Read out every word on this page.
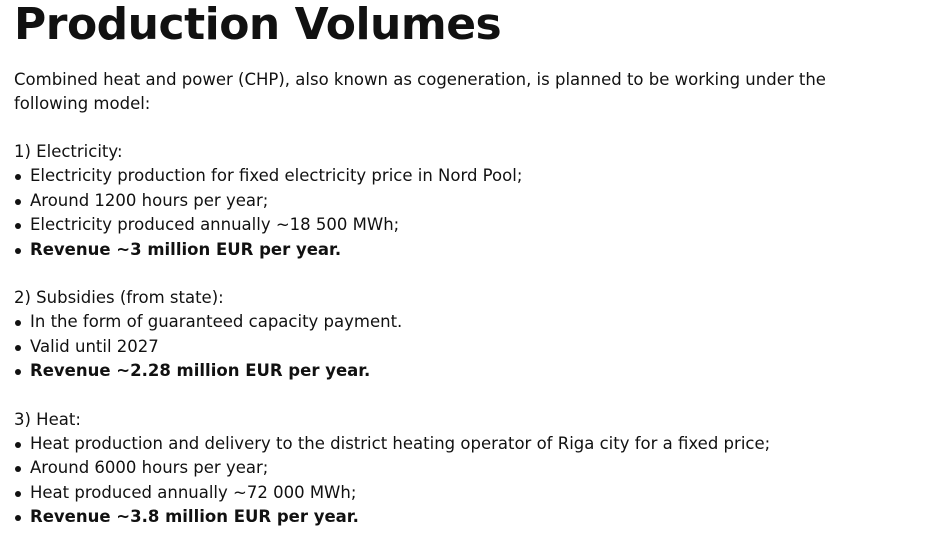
Production Volumes

Combined heat and power (CHP), also known as cogeneration, is planned to be working under the following model:

1) Electricity:

Electricity production for fixed electricity price in Nord Pool;
Around 1200 hours per year;
Electricity produced annually ~18 500 MWh;
Revenue ~3 million EUR per year.

2) Subsidies (from state):

In the form of guaranteed capacity payment.
Valid until 2027
Revenue ~2.28 million EUR per year.

3) Heat:

Heat production and delivery to the district heating operator of Riga city for a fixed price;
Around 6000 hours per year;
Heat produced annually ~72 000 MWh;
Revenue ~3.8 million EUR per year.
